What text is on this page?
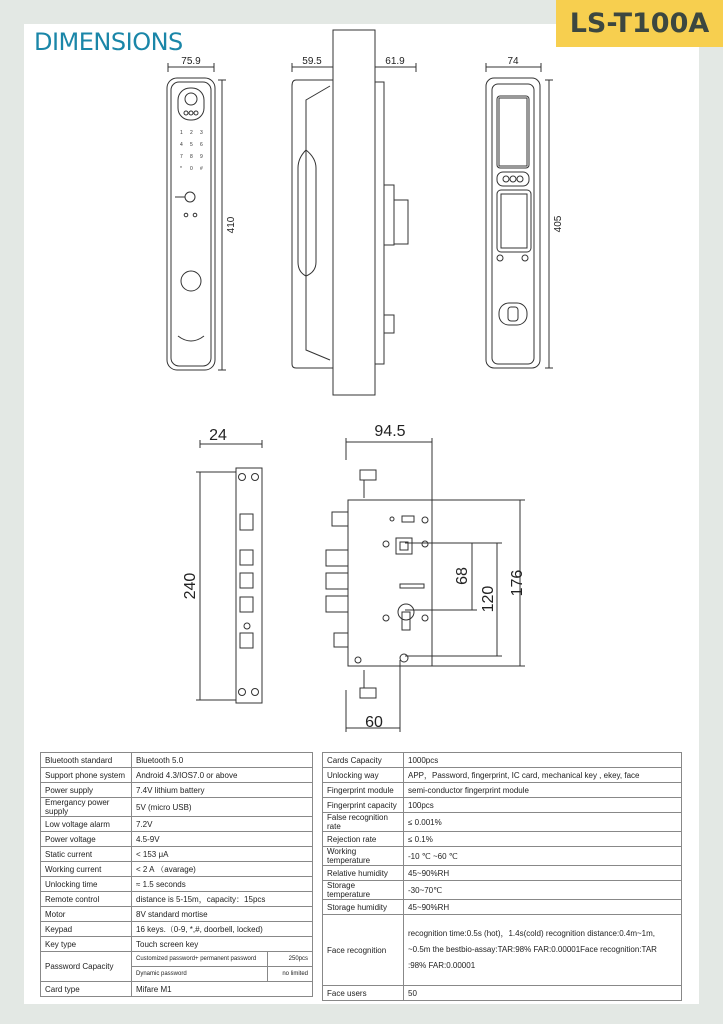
DIMENSIONS
LS-T100A
1 2 3
4 5 6
7 8 9
* 0 #
75.9
410
59.5	61.9	74
405
24
240
94.5
60
68
120
176
Bluetooth standard	Bluetooth 5.0	
Support phone system	Android 4.3/IOS7.0 or above	
Power supply	7.4V lithium battery	
Emergancy power supply	5V (micro USB)	
Low voltage alarm	7.2V	
Power voltage	4.5-9V	
Static current	< 153 μA	
Working current	< 2 A （avarage)	
Unlocking time	≈ 1.5 seconds	
Remote control	distance is 5-15m，capacity：15pcs	
Motor	8V standard mortise	
Keypad	16 keys.（0-9, *,#, doorbell, locked)	
Key type	Touch screen key	
Password Capacity	Customized password+ permanent password	250pcs
	Dynamic password	no limited
Card type	Mifare M1	
Cards Capacity	1000pcs
Unlocking way	APP，Password, fingerprint, IC card, mechanical key , ekey, face
Fingerprint module	semi-conductor fingerprint module
Fingerprint capacity	100pcs
False recognition rate	≤ 0.001%
Rejection rate	≤ 0.1%
Working temperature	-10 ℃ ~60 ℃
Relative humidity	45~90%RH
Storage temperature	-30~70℃
Storage humidity	45~90%RH
Face recognition	recognition time:0.5s (hot)，1.4s(cold) recognition distance:0.4m~1m,
~0.5m the bestbio-assay:TAR:98% FAR:0.00001Face recognition:TAR
:98% FAR:0.00001

Face users	50
